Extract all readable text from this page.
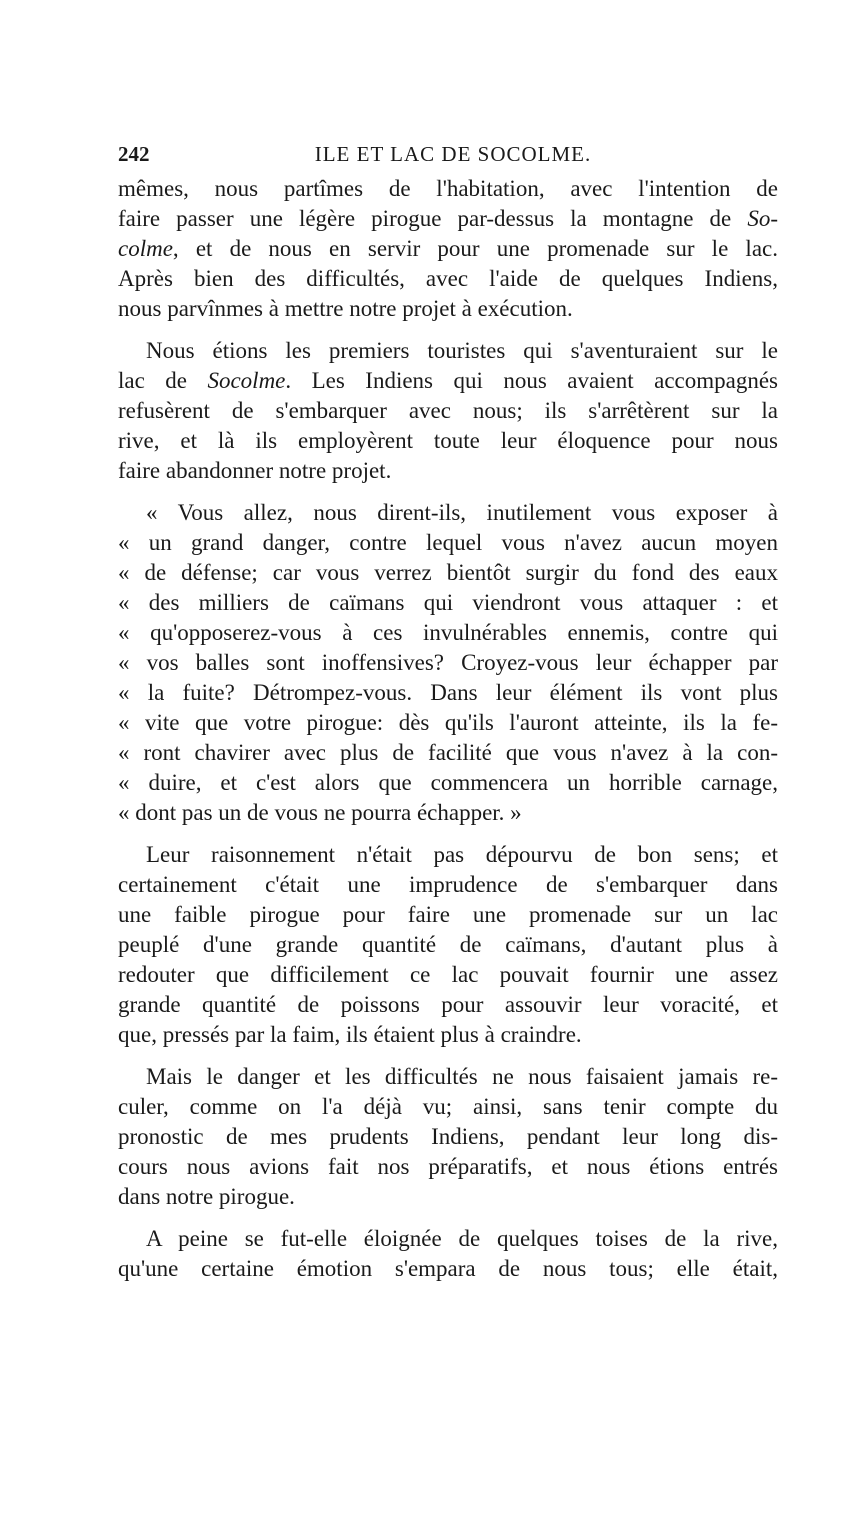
242	ILE ET LAC DE SOCOLME.
mêmes, nous partîmes de l'habitation, avec l'intention de
faire passer une légère pirogue par-dessus la montagne de So-
colme, et de nous en servir pour une promenade sur le lac.
Après bien des difficultés, avec l'aide de quelques Indiens,
nous parvînmes à mettre notre projet à exécution.
Nous étions les premiers touristes qui s'aventuraient sur le
lac de Socolme. Les Indiens qui nous avaient accompagnés
refusèrent de s'embarquer avec nous; ils s'arrêtèrent sur la
rive, et là ils employèrent toute leur éloquence pour nous
faire abandonner notre projet.
« Vous allez, nous dirent-ils, inutilement vous exposer à
« un grand danger, contre lequel vous n'avez aucun moyen
« de défense; car vous verrez bientôt surgir du fond des eaux
« des milliers de caïmans qui viendront vous attaquer : et
« qu'opposerez-vous à ces invulnérables ennemis, contre qui
« vos balles sont inoffensives? Croyez-vous leur échapper par
« la fuite? Détrompez-vous. Dans leur élément ils vont plus
« vite que votre pirogue: dès qu'ils l'auront atteinte, ils la fe-
« ront chavirer avec plus de facilité que vous n'avez à la con-
« duire, et c'est alors que commencera un horrible carnage,
« dont pas un de vous ne pourra échapper. »
Leur raisonnement n'était pas dépourvu de bon sens; et
certainement c'était une imprudence de s'embarquer dans
une faible pirogue pour faire une promenade sur un lac
peuplé d'une grande quantité de caïmans, d'autant plus à
redouter que difficilement ce lac pouvait fournir une assez
grande quantité de poissons pour assouvir leur voracité, et
que, pressés par la faim, ils étaient plus à craindre.
Mais le danger et les difficultés ne nous faisaient jamais re-
culer, comme on l'a déjà vu; ainsi, sans tenir compte du
pronostic de mes prudents Indiens, pendant leur long dis-
cours nous avions fait nos préparatifs, et nous étions entrés
dans notre pirogue.
A peine se fut-elle éloignée de quelques toises de la rive,
qu'une certaine émotion s'empara de nous tous; elle était,
